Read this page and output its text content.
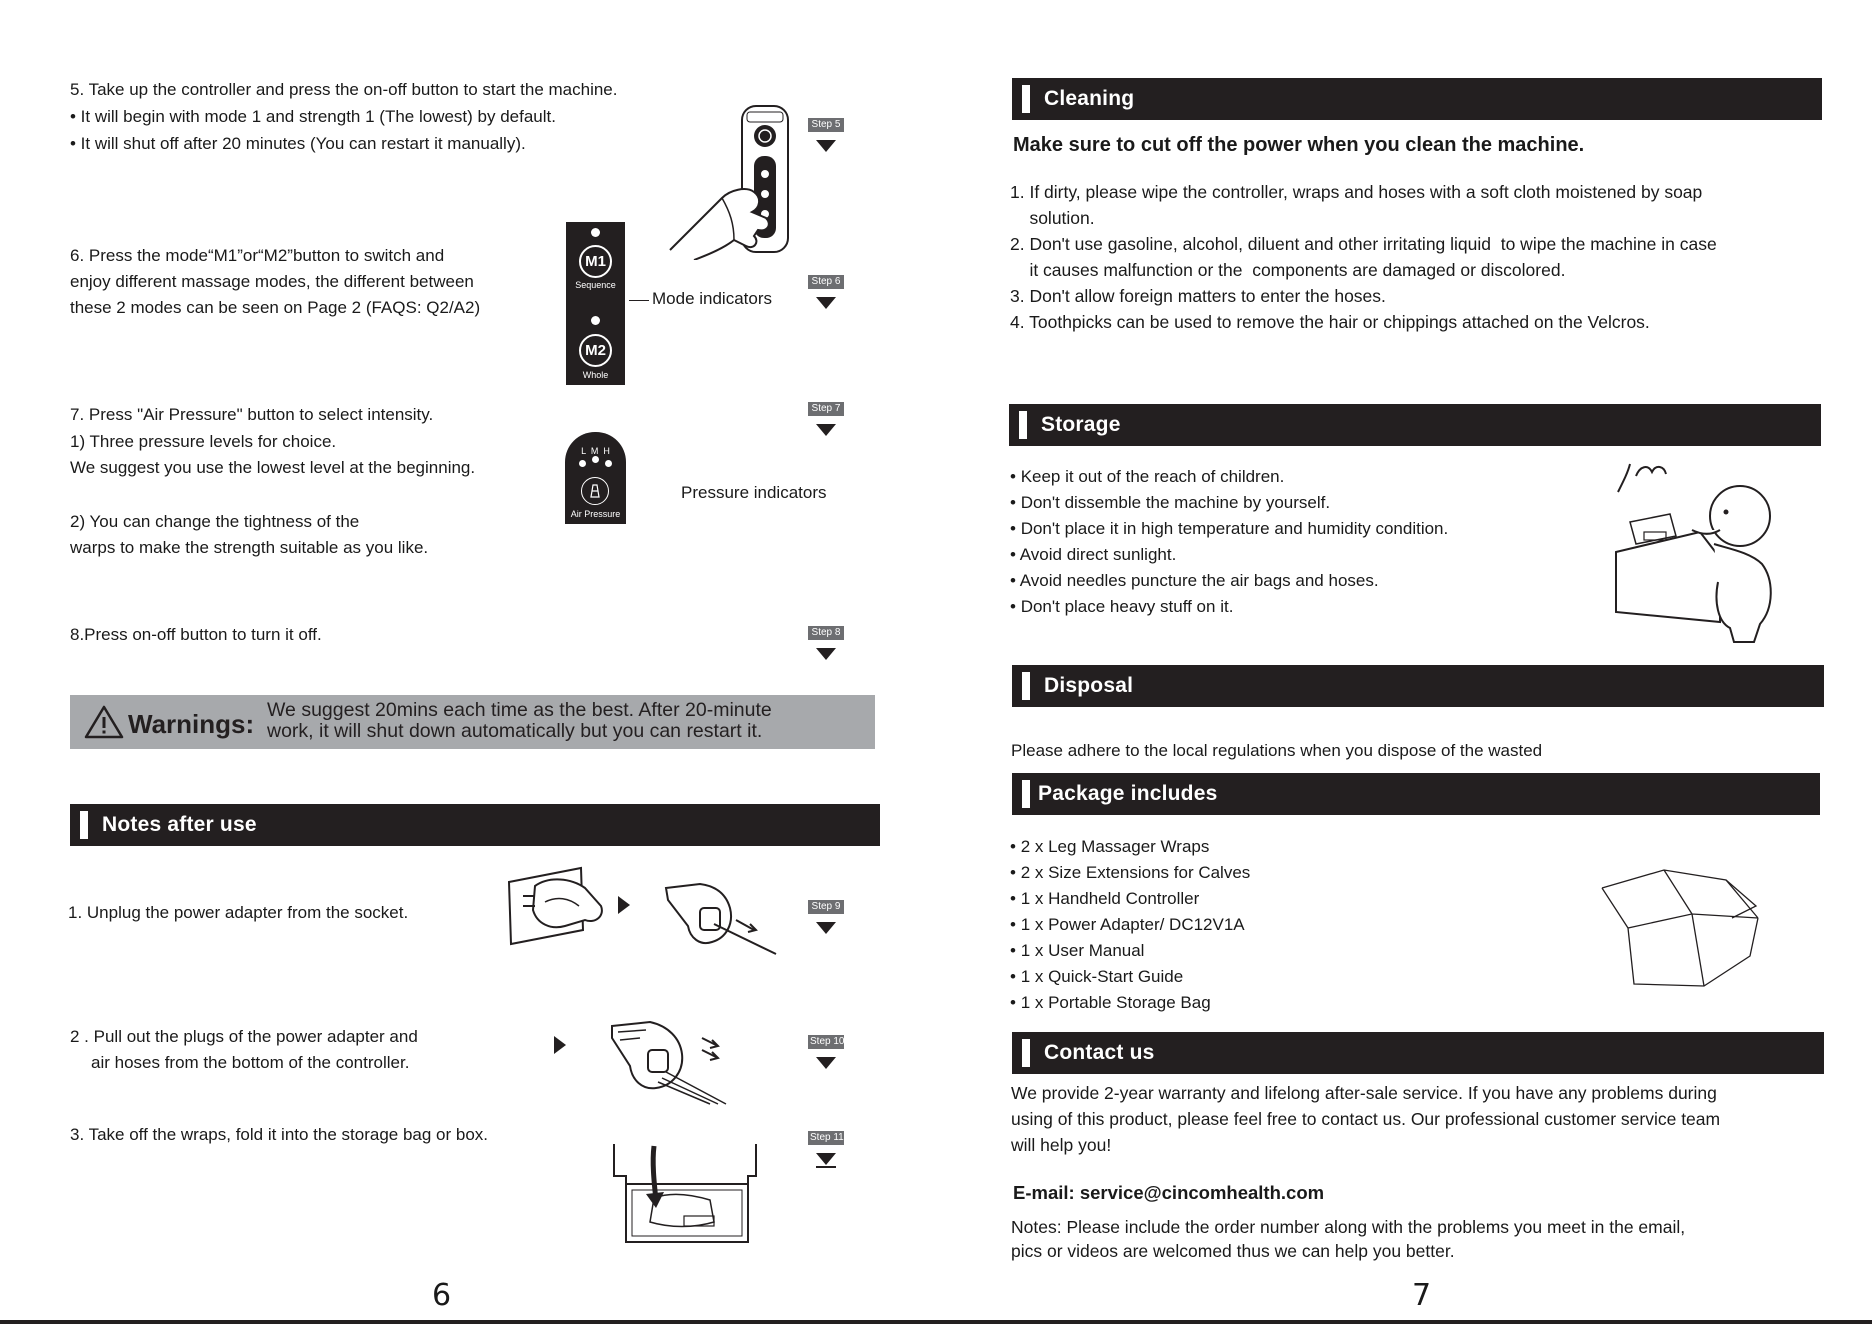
5. Take up the controller and press the on-off button to start the machine.
• It will begin with mode 1 and strength 1 (The lowest) by default.
• It will shut off after 20 minutes (You can restart it manually).
Step 5
6. Press the mode“M1”or“M2”button to switch and
enjoy different massage modes, the different between
these 2 modes can be seen on Page 2 (FAQS: Q2/A2)
M1
Sequence
M2
Whole
Mode indicators
Step 6
7. Press "Air Pressure" button to select intensity.
1) Three pressure levels for choice.
We suggest you use the lowest level at the beginning.
2) You can change the tightness of the
warps to make the strength suitable as you like.
L  M  H
Air Pressure
Pressure indicators
Step 7
8.Press on-off button to turn it off.	Step 8
Warnings: We suggest 20mins each time as the best. After 20-minute
work, it will shut down automatically but you can restart it.
Notes after use
1. Unplug the power adapter from the socket.	Step 9
2 . Pull out the plugs of the power adapter and
air hoses from the bottom of the controller.
Step 10
3. Take off the wraps, fold it into the storage bag or box.	Step 11
6
Cleaning
Make sure to cut off the power when you clean the machine.
1. If dirty, please wipe the controller, wraps and hoses with a soft cloth moistened by soap
solution.
2. Don't use gasoline, alcohol, diluent and other irritating liquid  to wipe the machine in case
it causes malfunction or the  components are damaged or discolored.
3. Don't allow foreign matters to enter the hoses.
4. Toothpicks can be used to remove the hair or chippings attached on the Velcros.
Storage
• Keep it out of the reach of children.
• Don't dissemble the machine by yourself.
• Don't place it in high temperature and humidity condition.
• Avoid direct sunlight.
• Avoid needles puncture the air bags and hoses.
• Don't place heavy stuff on it.
Disposal
Please adhere to the local regulations when you dispose of the wasted
Package includes
• 2 x Leg Massager Wraps
• 2 x Size Extensions for Calves
• 1 x Handheld Controller
• 1 x Power Adapter/ DC12V1A
• 1 x User Manual
• 1 x Quick-Start Guide
• 1 x Portable Storage Bag
Contact us
We provide 2-year warranty and lifelong after-sale service. If you have any problems during
using of this product, please feel free to contact us. Our professional customer service team
will help you!
E-mail: service@cincomhealth.com
Notes: Please include the order number along with the problems you meet in the email,
pics or videos are welcomed thus we can help you better.
7
